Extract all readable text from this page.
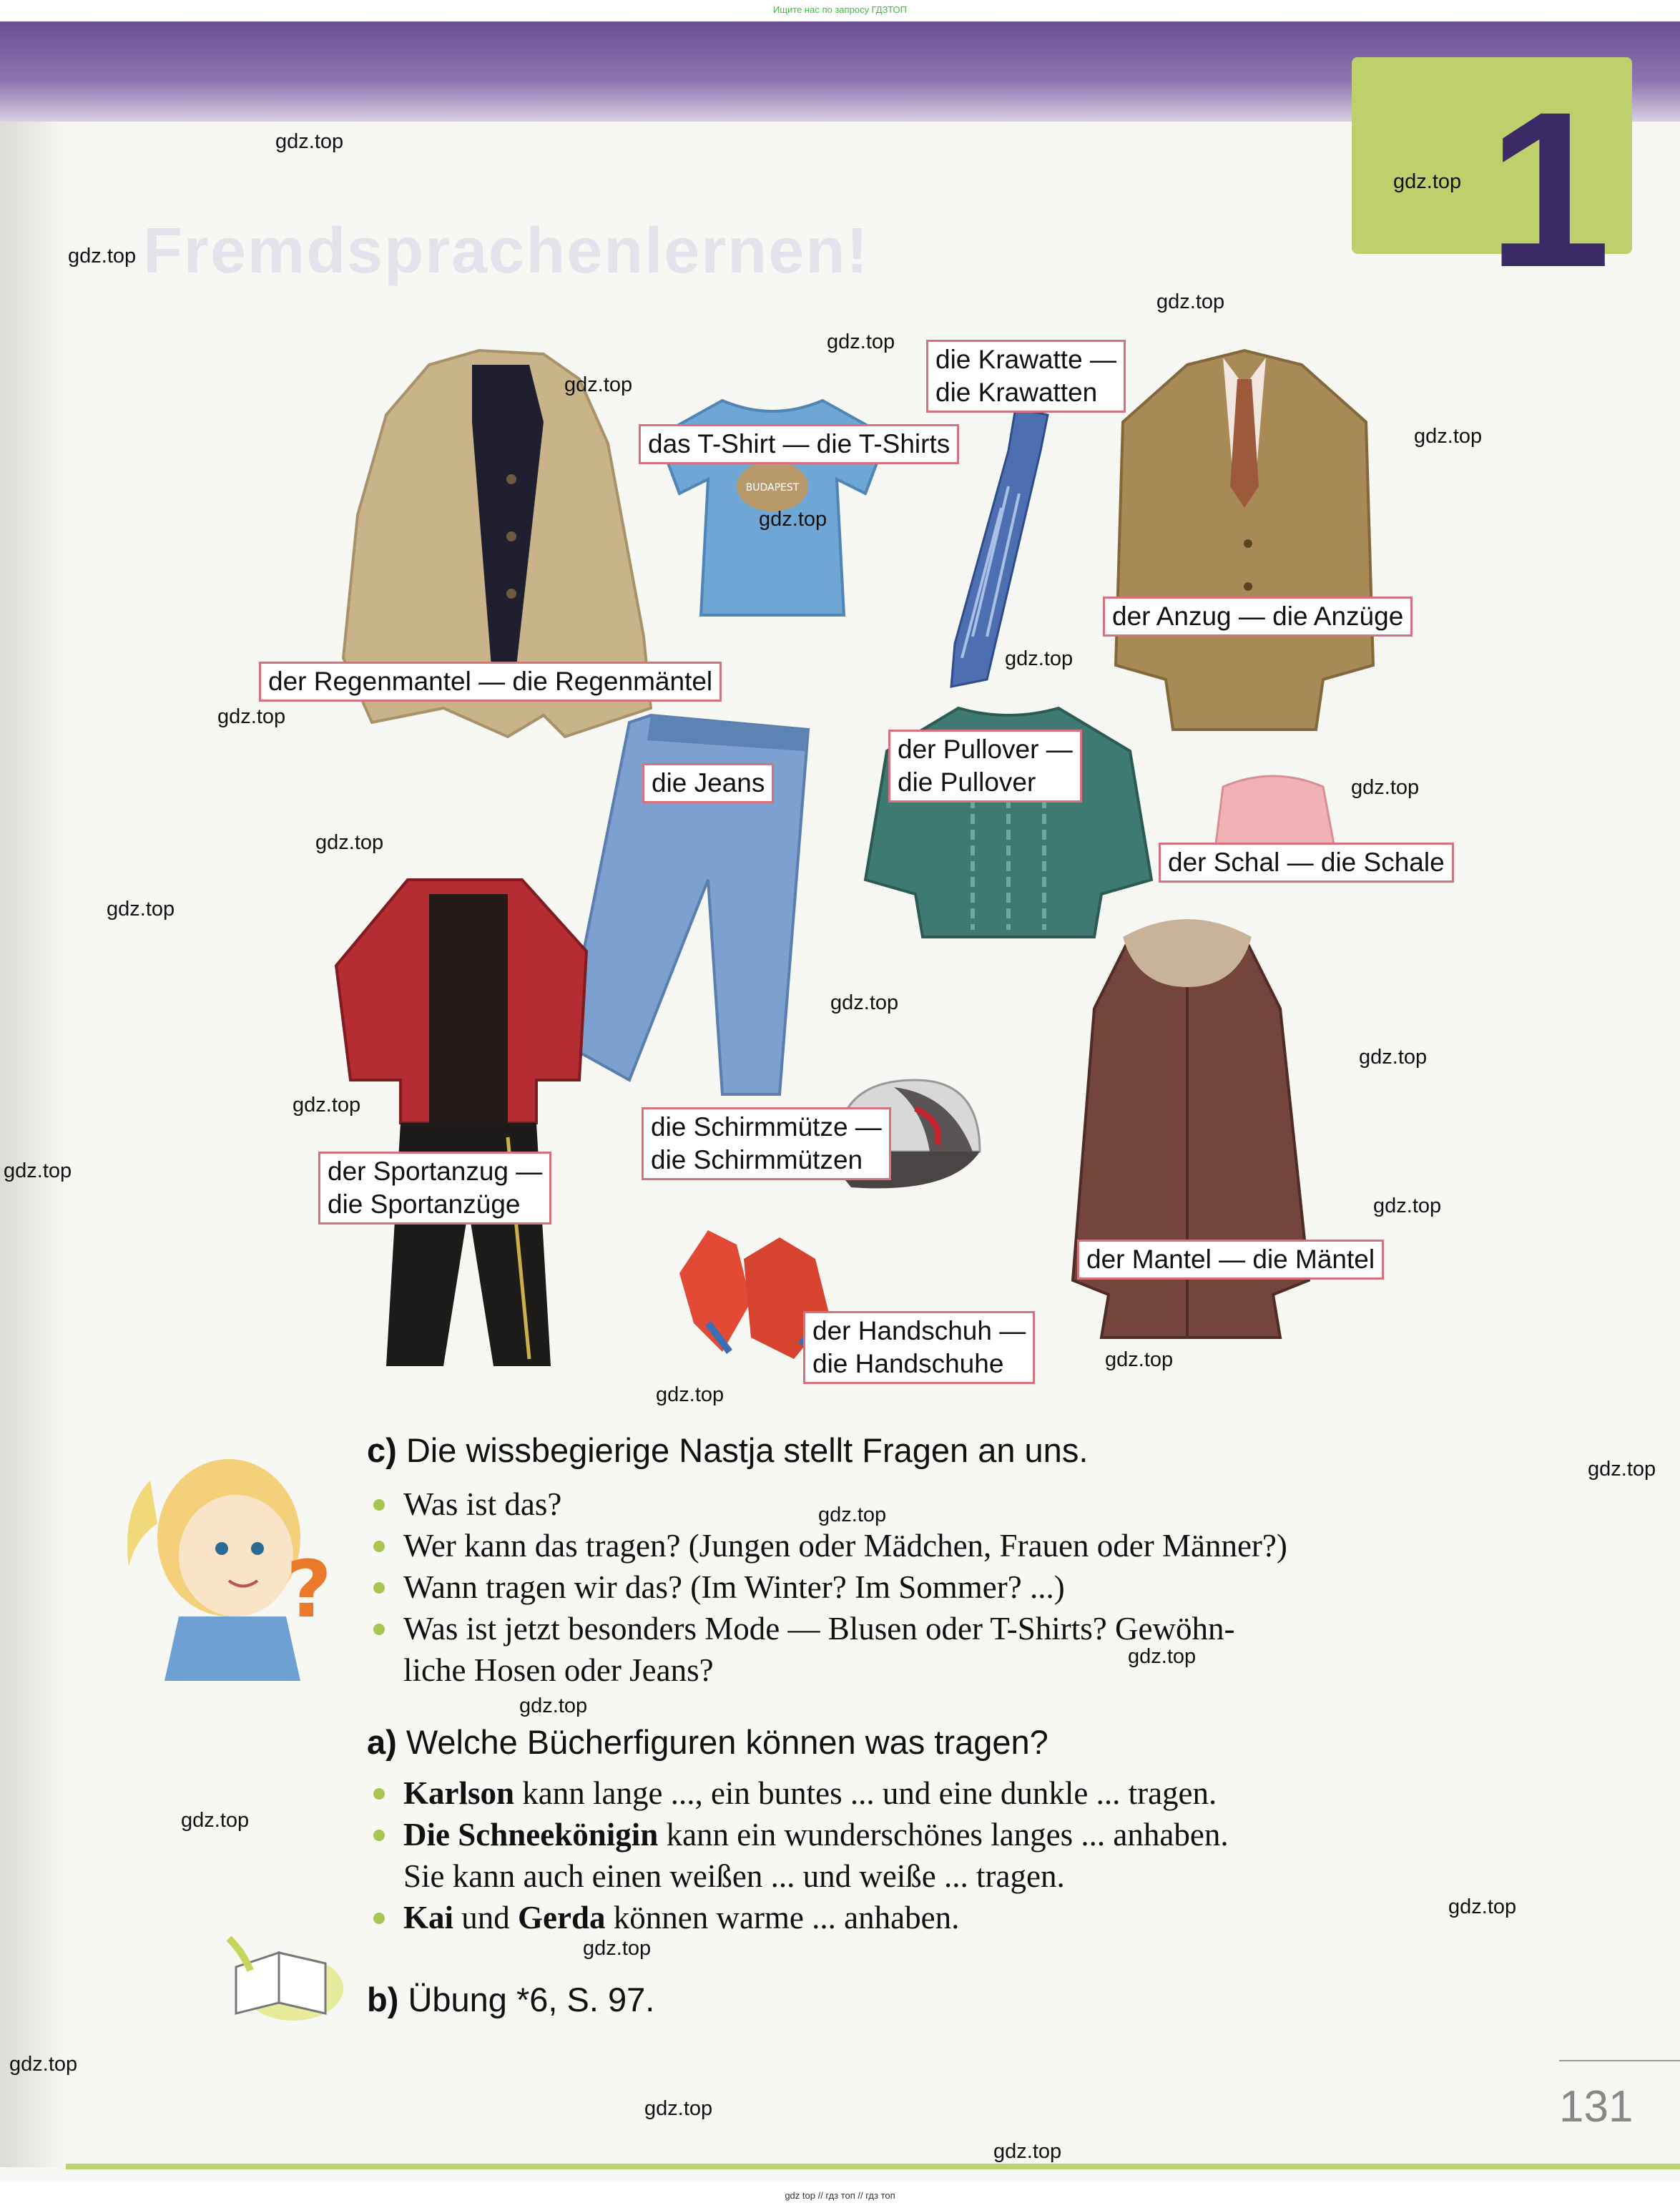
Ищите нас по запросу ГДЗТОП
Fremdsprachenlernen!	1
BUDAPEST
?
die Krawatte —
die Krawatten
das T-Shirt — die T-Shirts
der Anzug — die Anzüge
der Regenmantel — die Regenmäntel
die Jeans
der Pullover —
die Pullover
der Schal — die Schale
die Schirmmütze —
die Schirmmützen
der Sportanzug —
die Sportanzüge
der Mantel — die Mäntel
der Handschuh —
die Handschuhe
gdz.top
gdz.top
gdz.top
gdz.top
gdz.top
gdz.top
gdz.top
gdz.top
gdz.top
gdz.top
gdz.top
gdz.top
gdz.top
gdz.top
gdz.top
gdz.top
gdz.top
gdz.top
gdz.top
gdz.top
gdz.top
gdz.top
gdz.top
gdz.top
gdz.top
gdz.top
gdz.top
gdz.top
gdz.top
gdz.top
c) Die wissbegierige Nastja stellt Fragen an uns.
Was ist das?
Wer kann das tragen? (Jungen oder Mädchen, Frauen oder Männer?)
Wann tragen wir das? (Im Winter? Im Sommer? ...)
Was ist jetzt besonders Mode — Blusen oder T-Shirts? Gewöhn-
liche Hosen oder Jeans?
a) Welche Bücherfiguren können was tragen?
Karlson kann lange ..., ein buntes ... und eine dunkle ... tragen.
Die Schneekönigin kann ein wunderschönes langes ... anhaben.
Sie kann auch einen weißen ... und weiße ... tragen.
Kai und Gerda können warme ... anhaben.
b) Übung *6, S. 97.
131
gdz top // гдз топ // гдз топ
